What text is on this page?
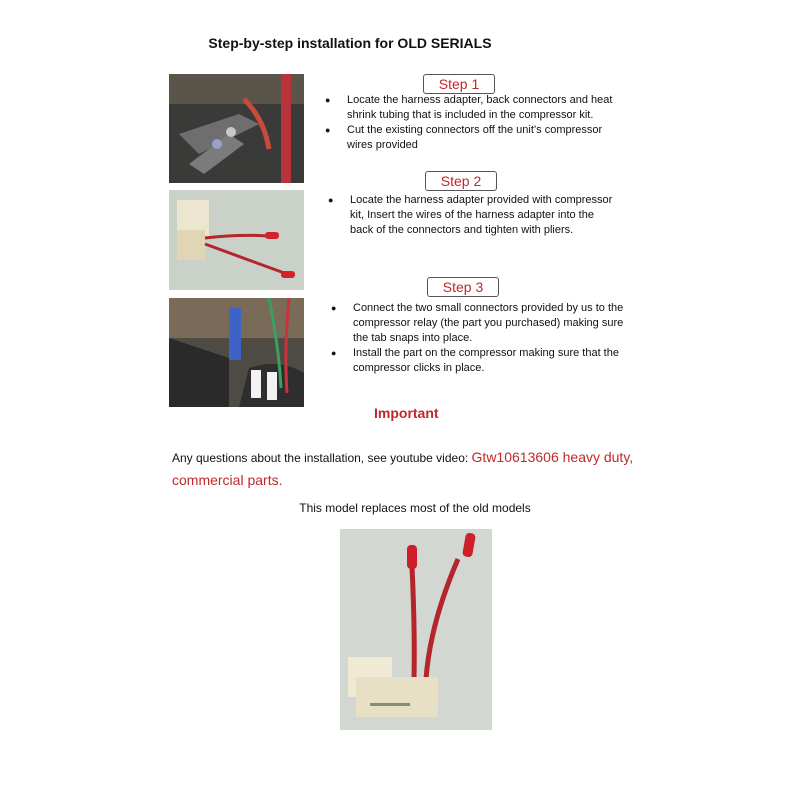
Step-by-step installation for OLD SERIALS
Step 1
● Locate the harness adapter, back connectors and heat shrink tubing that is included in the compressor kit.
● Cut the existing connectors off the unit’s compressor wires provided
Step 2
● Locate the harness adapter provided with compressor kit, Insert the wires of the harness adapter into the back of the connectors and tighten with pliers.
Step 3
● Connect the two small connectors provided by us to the compressor relay (the part you purchased) making sure the tab snaps into place.
● Install the part on the compressor making sure that the compressor clicks in place.
Important
Any questions about the installation, see youtube video: Gtw10613606 heavy duty, commercial parts.
This model replaces most of the old models
